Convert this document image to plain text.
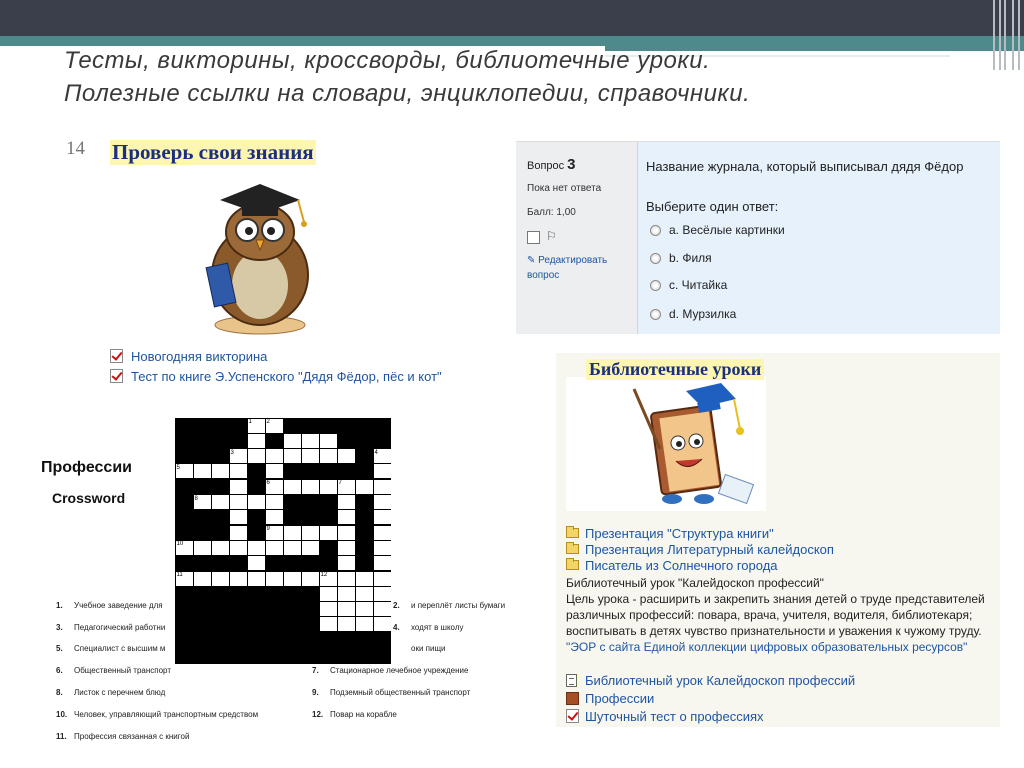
Тесты, викторины, кроссворды, библиотечные уроки.
Полезные ссылки на словари, энциклопедии, справочники.
14 Проверь свои знания
Новогодняя викторина
Тест по книге Э.Успенского "Дядя Фёдор, пёс и кот"
Вопрос 3
Пока нет ответа
Балл: 1,00
⚐
✎ Редактировать вопрос
Название журнала, который выписывал дядя Фёдор
Выберите один ответ:
a. Весёлые картинки
b. Филя
c. Читайка
d. Мурзилка
Библиотечные уроки
Презентация "Структура книги"
Презентация Литературный калейдоскоп
Писатель из Солнечного города
Библиотечный урок "Калейдоскоп профессий"
Цель урока - расширить и закрепить знания детей о труде представителей
различных профессий: повара, врача, учителя, водителя, библиотекаря;
воспитывать в детях чувство признательности и уважения к чужому труду.
"ЭОР с сайта Единой коллекции цифровых образовательных ресурсов"
Библиотечный урок Калейдоскоп профессий
Профессии
Шуточный тест о профессиях
Профессии
Crossword
1.	Учебное заведение для	2.	и переплёт листы бумаги
3.	Педагогический работни	4.	ходят в школу
5.	Специалист с высшим м	оки пищи
6.	Общественный транспорт	7.	Стационарное лечебное учреждение
8.	Листок с перечнем блюд	9.	Подземный общественный транспорт
10. Человек, управляющий транспортным средством	12. Повар на корабле
11. Профессия связанная с книгой
1 2
3	4
5
6	7
8
9
10
11	12
